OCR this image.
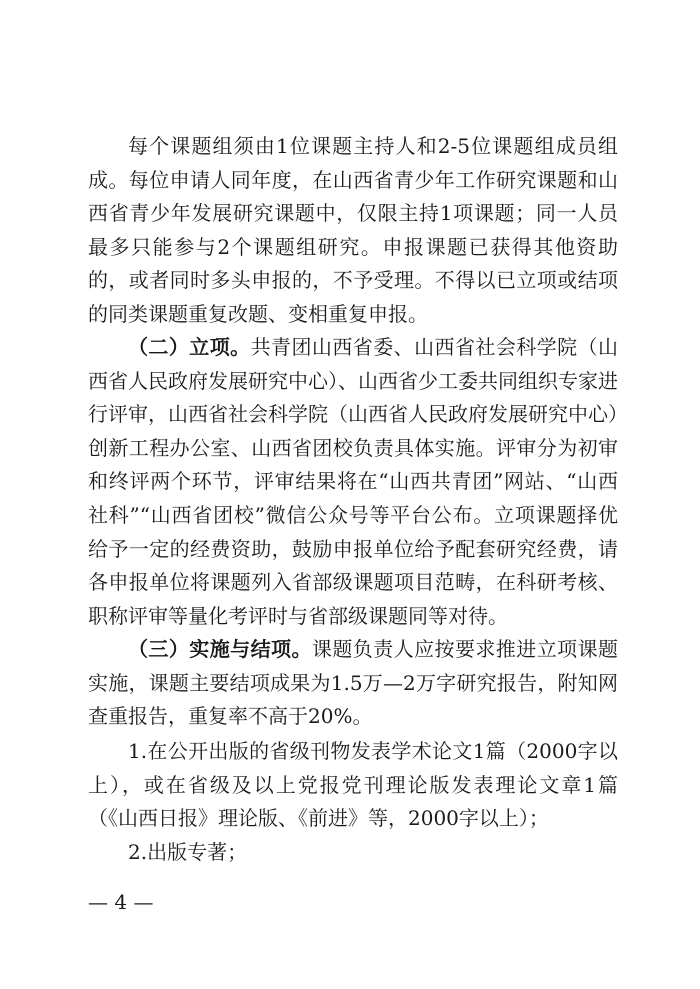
每个课题组须由1位课题主持人和2-5位课题组成员组成。每位申请人同年度，在山西省青少年工作研究课题和山西省青少年发展研究课题中，仅限主持1项课题；同一人员最多只能参与2个课题组研究。申报课题已获得其他资助的，或者同时多头申报的，不予受理。不得以已立项或结项的同类课题重复改题、变相重复申报。

（二）立项。共青团山西省委、山西省社会科学院（山西省人民政府发展研究中心）、山西省少工委共同组织专家进行评审，山西省社会科学院（山西省人民政府发展研究中心）创新工程办公室、山西省团校负责具体实施。评审分为初审和终评两个环节，评审结果将在“山西共青团”网站、“山西社科”“山西省团校”微信公众号等平台公布。立项课题择优给予一定的经费资助，鼓励申报单位给予配套研究经费，请各申报单位将课题列入省部级课题项目范畴，在科研考核、职称评审等量化考评时与省部级课题同等对待。

（三）实施与结项。课题负责人应按要求推进立项课题实施，课题主要结项成果为1.5万—2万字研究报告，附知网查重报告，重复率不高于20%。

1.在公开出版的省级刊物发表学术论文1篇（2000字以上），或在省级及以上党报党刊理论版发表理论文章1篇（《山西日报》理论版、《前进》等，2000字以上）；

2.出版专著；

— 4 —
